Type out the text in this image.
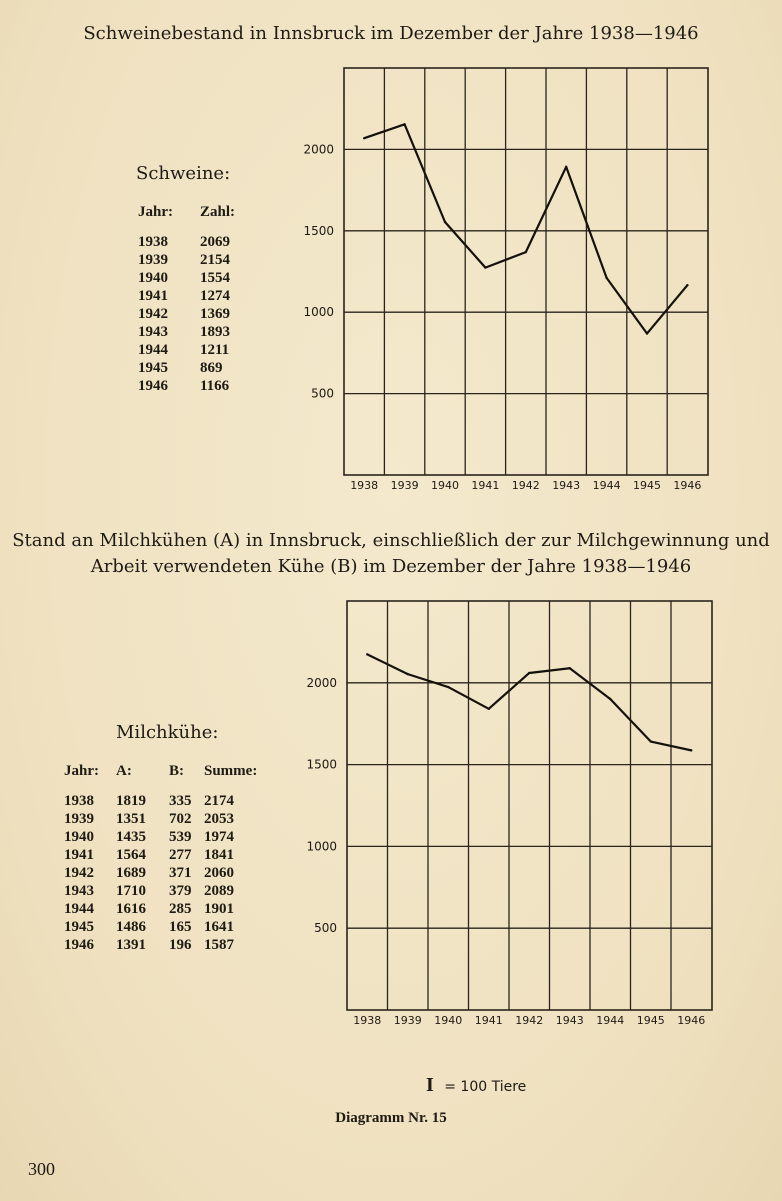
Schweinebestand in Innsbruck im Dezember der Jahre 1938—1946
Stand an Milchkühen (A) in Innsbruck, einschließlich der zur Milchgewinnung und
Arbeit verwendeten Kühe (B) im Dezember der Jahre 1938—1946
500
1000
1500
2000
1938 1939 1940 1941 1942 1943 1944 1945 1946
500
1000
1500
2000
1938 1939 1940 1941 1942 1943 1944 1945 1946
Schweine:
Jahr:	Zahl:
1938	2069
1939	2154
1940	1554
1941	1274
1942	1369
1943	1893
1944	1211
1945	869
1946	1166
Milchkühe:
Jahr:	A:	B:	Summe:
1938	1819	335	2174
1939	1351	702	2053
1940	1435	539	1974
1941	1564	277	1841
1942	1689	371	2060
1943	1710	379	2089
1944	1616	285	1901
1945	1486	165	1641
1946	1391	196	1587
I = 100 Tiere
Diagramm Nr. 15
300
